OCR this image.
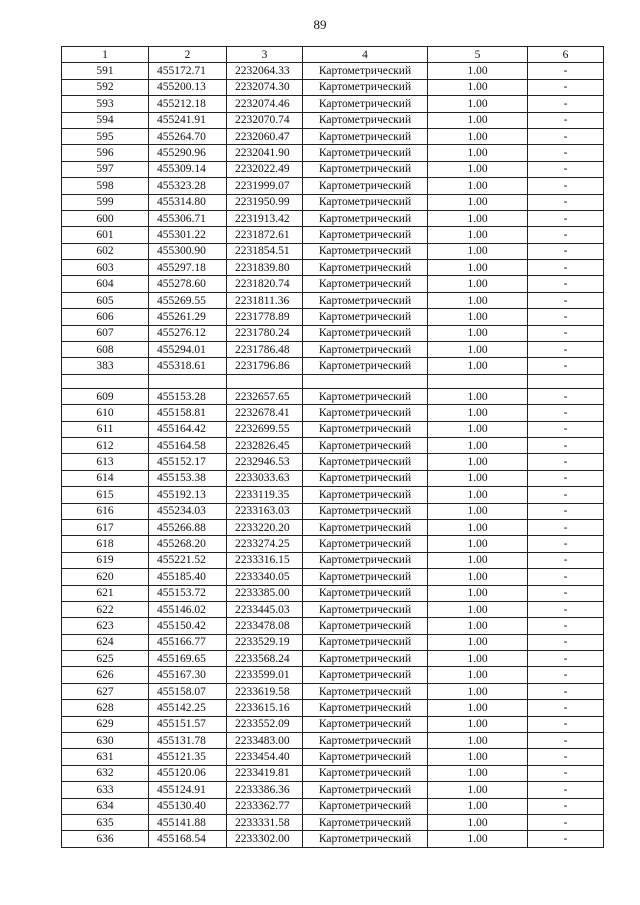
89
1	2	3	4	5	6
591	455172.71	2232064.33	Картометрический	1.00	-
592	455200.13	2232074.30	Картометрический	1.00	-
593	455212.18	2232074.46	Картометрический	1.00	-
594	455241.91	2232070.74	Картометрический	1.00	-
595	455264.70	2232060.47	Картометрический	1.00	-
596	455290.96	2232041.90	Картометрический	1.00	-
597	455309.14	2232022.49	Картометрический	1.00	-
598	455323.28	2231999.07	Картометрический	1.00	-
599	455314.80	2231950.99	Картометрический	1.00	-
600	455306.71	2231913.42	Картометрический	1.00	-
601	455301.22	2231872.61	Картометрический	1.00	-
602	455300.90	2231854.51	Картометрический	1.00	-
603	455297.18	2231839.80	Картометрический	1.00	-
604	455278.60	2231820.74	Картометрический	1.00	-
605	455269.55	2231811.36	Картометрический	1.00	-
606	455261.29	2231778.89	Картометрический	1.00	-
607	455276.12	2231780.24	Картометрический	1.00	-
608	455294.01	2231786.48	Картометрический	1.00	-
383	455318.61	2231796.86	Картометрический	1.00	-

609	455153.28	2232657.65	Картометрический	1.00	-
610	455158.81	2232678.41	Картометрический	1.00	-
611	455164.42	2232699.55	Картометрический	1.00	-
612	455164.58	2232826.45	Картометрический	1.00	-
613	455152.17	2232946.53	Картометрический	1.00	-
614	455153.38	2233033.63	Картометрический	1.00	-
615	455192.13	2233119.35	Картометрический	1.00	-
616	455234.03	2233163.03	Картометрический	1.00	-
617	455266.88	2233220.20	Картометрический	1.00	-
618	455268.20	2233274.25	Картометрический	1.00	-
619	455221.52	2233316.15	Картометрический	1.00	-
620	455185.40	2233340.05	Картометрический	1.00	-
621	455153.72	2233385.00	Картометрический	1.00	-
622	455146.02	2233445.03	Картометрический	1.00	-
623	455150.42	2233478.08	Картометрический	1.00	-
624	455166.77	2233529.19	Картометрический	1.00	-
625	455169.65	2233568.24	Картометрический	1.00	-
626	455167.30	2233599.01	Картометрический	1.00	-
627	455158.07	2233619.58	Картометрический	1.00	-
628	455142.25	2233615.16	Картометрический	1.00	-
629	455151.57	2233552.09	Картометрический	1.00	-
630	455131.78	2233483.00	Картометрический	1.00	-
631	455121.35	2233454.40	Картометрический	1.00	-
632	455120.06	2233419.81	Картометрический	1.00	-
633	455124.91	2233386.36	Картометрический	1.00	-
634	455130.40	2233362.77	Картометрический	1.00	-
635	455141.88	2233331.58	Картометрический	1.00	-
636	455168.54	2233302.00	Картометрический	1.00	-
